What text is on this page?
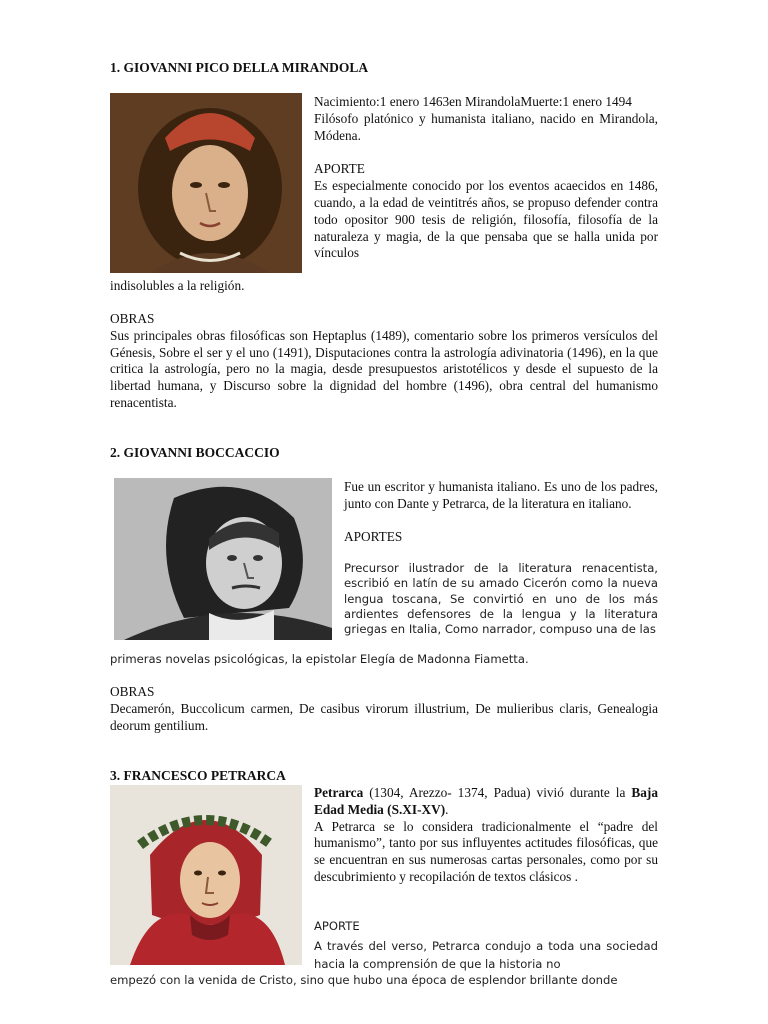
1. GIOVANNI PICO DELLA MIRANDOLA

Nacimiento:1 enero 1463en MirandolaMuerte:1 enero 1494

Filósofo platónico y humanista italiano, nacido en Mirandola, Módena.

APORTE

Es especialmente conocido por los eventos acaecidos en 1486, cuando, a la edad de veintitrés años, se propuso defender contra todo opositor 900 tesis de religión, filosofía, filosofía de la naturaleza y magia, de la que pensaba que se halla unida por vínculos

indisolubles a la religión.

OBRAS

Sus principales obras filosóficas son Heptaplus (1489), comentario sobre los primeros versículos del Génesis, Sobre el ser y el uno (1491), Disputaciones contra la astrología adivinatoria (1496), en la que critica la astrología, pero no la magia, desde presupuestos aristotélicos y desde el supuesto de la libertad humana, y Discurso sobre la dignidad del hombre (1496), obra central del humanismo renacentista.

2. GIOVANNI BOCCACCIO

Fue un escritor y humanista italiano. Es uno de los padres, junto con Dante y Petrarca, de la literatura en italiano.

APORTES

Precursor ilustrador de la literatura renacentista, escribió en latín de su amado Cicerón como la nueva lengua toscana, Se convirtió en uno de los más ardientes defensores de la lengua y la literatura griegas en Italia, Como narrador, compuso una de las

primeras novelas psicológicas, la epistolar Elegía de Madonna Fiametta.

OBRAS

Decamerón, Buccolicum carmen, De casibus virorum illustrium, De mulieribus claris, Genealogia deorum gentilium.

3. FRANCESCO PETRARCA

Petrarca (1304, Arezzo- 1374, Padua) vivió durante la Baja Edad Media (S.XI-XV).

A Petrarca se lo considera tradicionalmente el “padre del humanismo”, tanto por sus influyentes actitudes filosóficas, que se encuentran en sus numerosas cartas personales, como por su descubrimiento y recopilación de textos clásicos .

APORTE

A través del verso, Petrarca condujo a toda una sociedad hacia la comprensión de que la historia no

empezó con la venida de Cristo, sino que hubo una época de esplendor brillante donde
